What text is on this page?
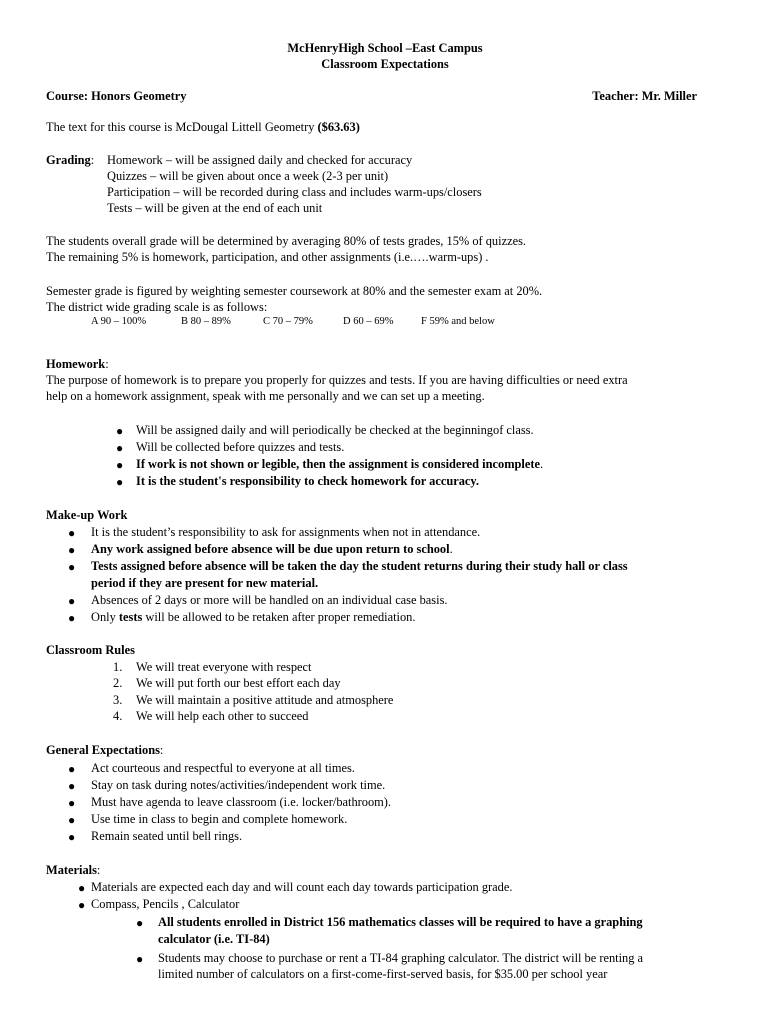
McHenryHigh School –East Campus
Classroom Expectations
Course: Honors Geometry	Teacher: Mr. Miller
The text for this course is McDougal Littell Geometry ($63.63)
Grading: Homework – will be assigned daily and checked for accuracy
Quizzes – will be given about once a week (2-3 per unit)
Participation – will be recorded during class and includes warm-ups/closers
Tests – will be given at the end of each unit
The students overall grade will be determined by averaging 80% of tests grades, 15% of quizzes.
The remaining 5% is homework, participation, and other assignments (i.e.….warm-ups) .
Semester grade is figured by weighting semester coursework at 80% and the semester exam at 20%.
The district wide grading scale is as follows:
A 90 – 100%	B 80 – 89%	C 70 – 79%	D 60 – 69%	F 59% and below
Homework:
The purpose of homework is to prepare you properly for quizzes and tests. If you are having difficulties or need extra
help on a homework assignment, speak with me personally and we can set up a meeting.
● Will be assigned daily and will periodically be checked at the beginningof class.
● Will be collected before quizzes and tests.
● If work is not shown or legible, then the assignment is considered incomplete.
● It is the student's responsibility to check homework for accuracy.
Make-up Work
● It is the student’s responsibility to ask for assignments when not in attendance.
● Any work assigned before absence will be due upon return to school.
● Tests assigned before absence will be taken the day the student returns during their study hall or class
period if they are present for new material.
● Absences of 2 days or more will be handled on an individual case basis.
● Only tests will be allowed to be retaken after proper remediation.
Classroom Rules
1. We will treat everyone with respect
2. We will put forth our best effort each day
3. We will maintain a positive attitude and atmosphere
4. We will help each other to succeed
General Expectations:
● Act courteous and respectful to everyone at all times.
● Stay on task during notes/activities/independent work time.
● Must have agenda to leave classroom (i.e. locker/bathroom).
● Use time in class to begin and complete homework.
● Remain seated until bell rings.
Materials:
● Materials are expected each day and will count each day towards participation grade.
● Compass, Pencils , Calculator
● All students enrolled in District 156 mathematics classes will be required to have a graphing
calculator (i.e. TI-84)
● Students may choose to purchase or rent a TI-84 graphing calculator. The district will be renting a
limited number of calculators on a first-come-first-served basis, for $35.00 per school year
